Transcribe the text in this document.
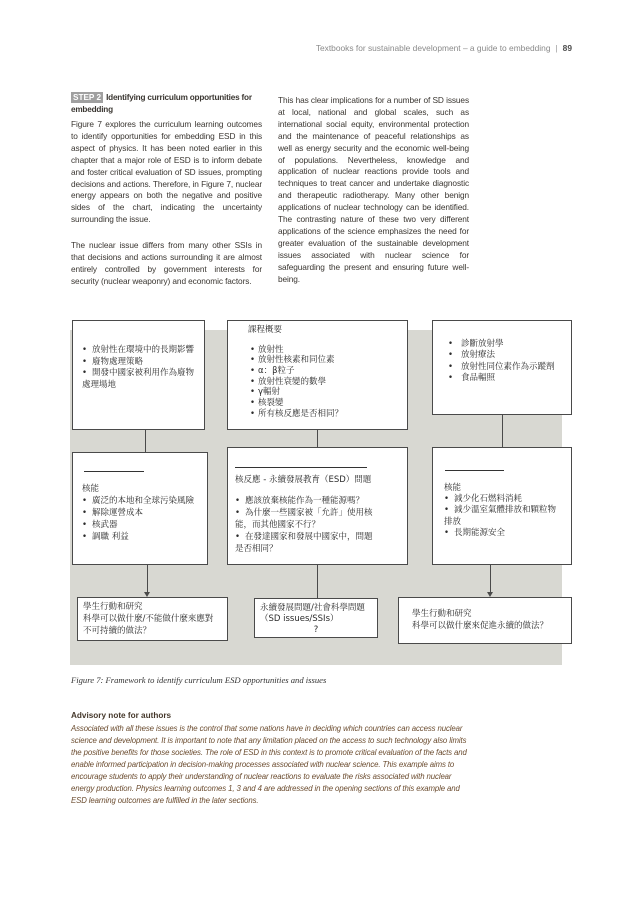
Textbooks for sustainable development – a guide to embedding | 89
STEP 2 Identifying curriculum opportunities for embedding

Figure 7 explores the curriculum learning outcomes to identify opportunities for embedding ESD in this aspect of physics. It has been noted earlier in this chapter that a major role of ESD is to inform debate and foster critical evaluation of SD issues, prompting decisions and actions. Therefore, in Figure 7, nuclear energy appears on both the negative and positive sides of the chart, indicating the uncertainty surrounding the issue.

The nuclear issue differs from many other SSIs in that decisions and actions surrounding it are almost entirely controlled by government interests for security (nuclear weaponry) and economic factors.

This has clear implications for a number of SD issues at local, national and global scales, such as international social equity, environmental protection and the maintenance of peaceful relationships as well as energy security and the economic well-being of populations. Nevertheless, knowledge and application of nuclear reactions provide tools and techniques to treat cancer and undertake diagnostic and therapeutic radiotherapy. Many other benign applications of nuclear technology can be identified. The contrasting nature of these two very different applications of the science emphasizes the need for greater evaluation of the sustainable development issues associated with nuclear science for safeguarding the present and ensuring future well-being.

• 放射性在環境中的長期影響
• 廢物處理策略
• 開發中國家被利用作為廢物處理場地
課程概要
• 放射性
• 放射性核素和同位素
• α：β粒子
• 放射性衰變的數學
• γ輻射
• 核裂變
• 所有核反應是否相同？
• 診斷放射學
• 放射療法
• 放射性同位素作為示蹤劑
• 食品輻照
核能
• 廣泛的本地和全球污染風險
• 解除運營成本
• 核武器
• 調職 利益
核反應 - 永續發展教育（ESD）問題
• 應該放棄核能作為一種能源嗎？
• 為什麼一些國家被「允許」使用核能，而其他國家不行？
• 在發達國家和發展中國家中，問題是否相同？
核能
• 減少化石燃料消耗
• 減少溫室氣體排放和顆粒物排放
• 長期能源安全
學生行動和研究
科學可以做什麼/不能做什麼來應對不可持續的做法？
永續發展問題/社會科學問題（SD issues/SSIs）
?
學生行動和研究
科學可以做什麼來促進永續的做法？
Figure 7: Framework to identify curriculum ESD opportunities and issues
Advisory note for authors

Associated with all these issues is the control that some nations have in deciding which countries can access nuclear science and development. It is important to note that any limitation placed on the access to such technology also limits the positive benefits for those societies. The role of ESD in this context is to promote critical evaluation of the facts and enable informed participation in decision-making processes associated with nuclear science. This example aims to encourage students to apply their understanding of nuclear reactions to evaluate the risks associated with nuclear energy production. Physics learning outcomes 1, 3 and 4 are addressed in the opening sections of this example and ESD learning outcomes are fulfilled in the later sections.
